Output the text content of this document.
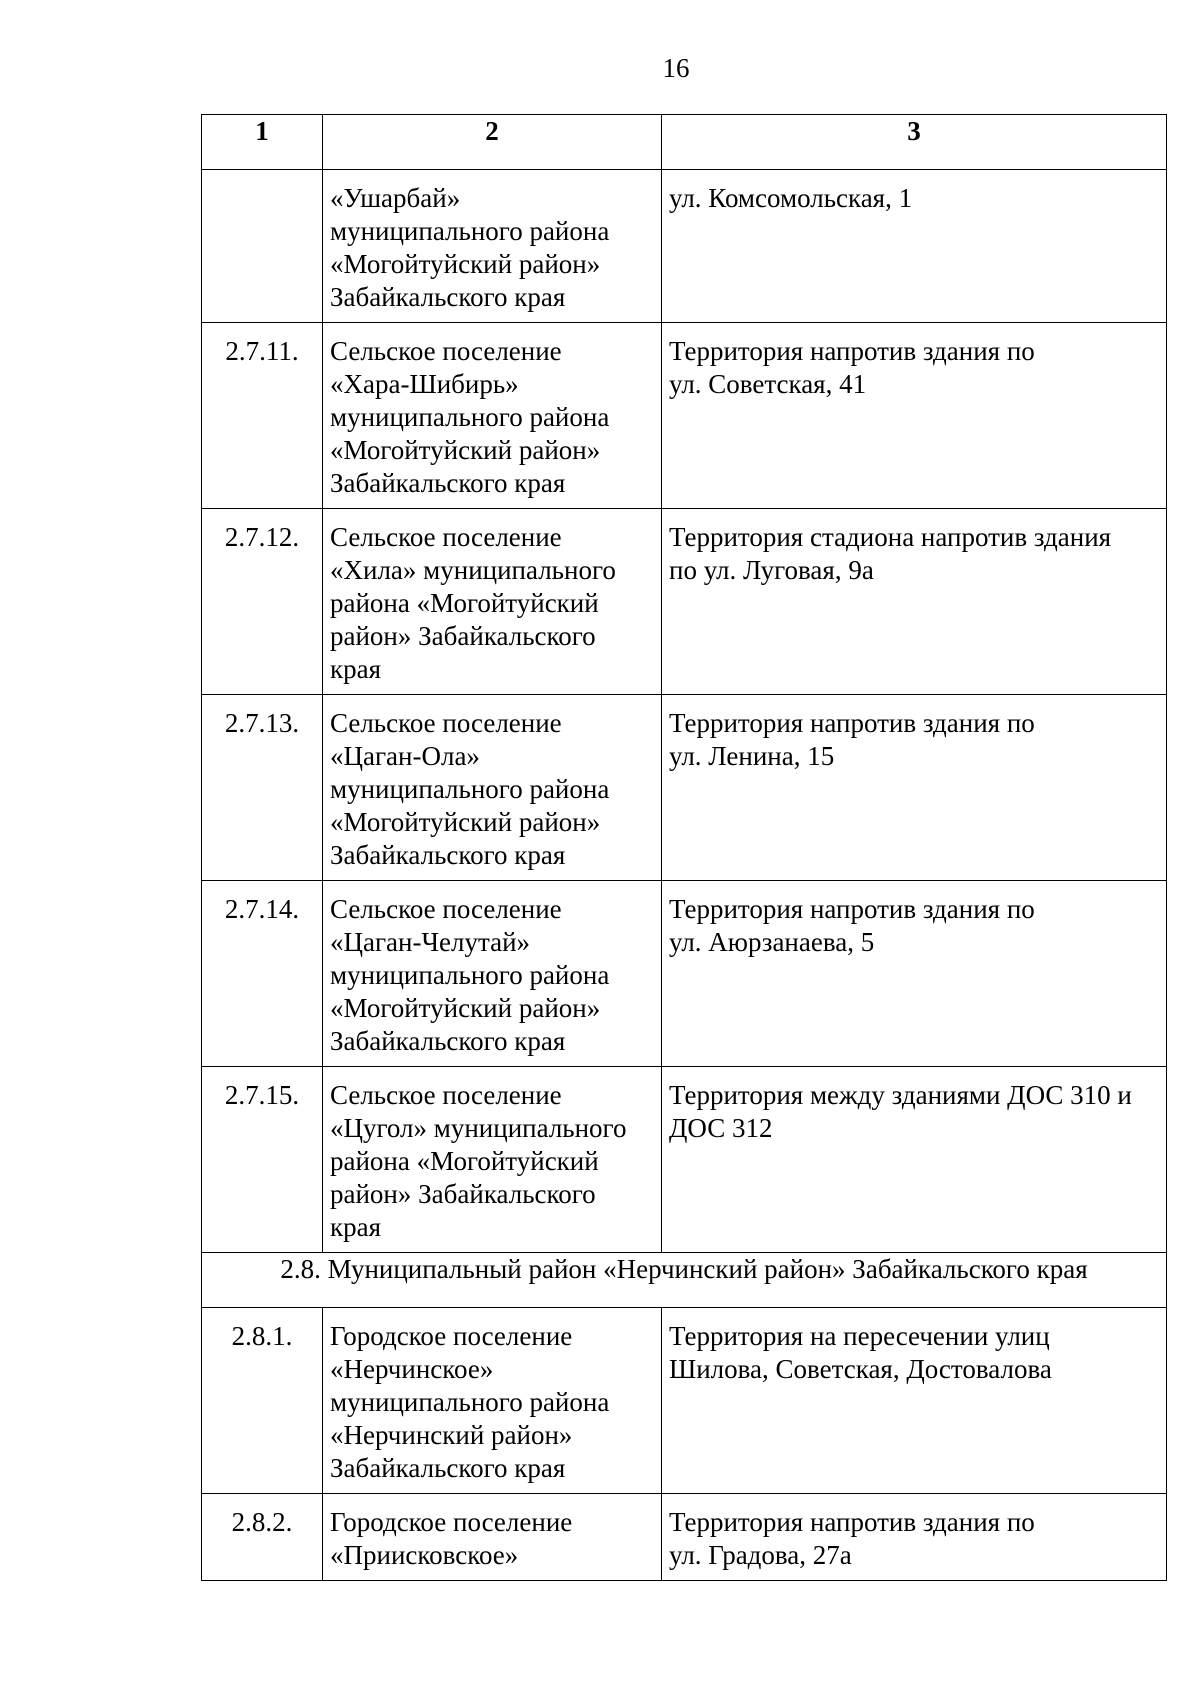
16
1	2	3
	«Ушарбай»
муниципального района
«Могойтуйский район»
Забайкальского края	ул. Комсомольская, 1
2.7.11.	Сельское поселение
«Хара-Шибирь»
муниципального района
«Могойтуйский район»
Забайкальского края	Территория напротив здания по
ул. Советская, 41
2.7.12.	Сельское поселение
«Хила» муниципального
района «Могойтуйский
район» Забайкальского
края	Территория стадиона напротив здания
по ул. Луговая, 9а
2.7.13.	Сельское поселение
«Цаган-Ола»
муниципального района
«Могойтуйский район»
Забайкальского края	Территория напротив здания по
ул. Ленина, 15
2.7.14.	Сельское поселение
«Цаган-Челутай»
муниципального района
«Могойтуйский район»
Забайкальского края	Территория напротив здания по
ул. Аюрзанаева, 5
2.7.15.	Сельское поселение
«Цугол» муниципального
района «Могойтуйский
район» Забайкальского
края	Территория между зданиями ДОС 310 и
ДОС 312
2.8. Муниципальный район «Нерчинский район» Забайкальского края		
2.8.1.	Городское поселение
«Нерчинское»
муниципального района
«Нерчинский район»
Забайкальского края	Территория на пересечении улиц
Шилова, Советская, Достовалова
2.8.2.	Городское поселение
«Приисковское»	Территория напротив здания по
ул. Градова, 27а
